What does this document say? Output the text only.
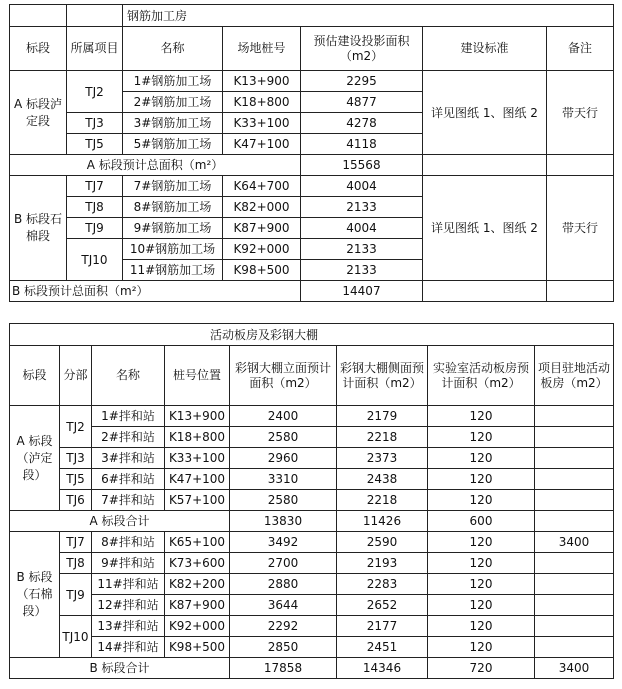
		钢筋加工房				
标段	所属项目	名称	场地桩号	预估建设投影面积（m2）	建设标准	备注
A 标段泸定段	TJ2	1#钢筋加工场	K13+900	2295	详见图纸 1、图纸 2	带天行
		2#钢筋加工场	K18+800	4877		
	TJ3	3#钢筋加工场	K33+100	4278		
	TJ5	5#钢筋加工场	K47+100	4118		
A 标段预计总面积（m²）				15568		
B 标段石棉段	TJ7	7#钢筋加工场	K64+700	4004	详见图纸 1、图纸 2	带天行
	TJ8	8#钢筋加工场	K82+000	2133		
	TJ9	9#钢筋加工场	K87+900	4004		
	TJ10	10#钢筋加工场	K92+000	2133		
		11#钢筋加工场	K98+500	2133		
B 标段预计总面积（m²）				14407		
活动板房及彩钢大棚							
标段	分部	名称	桩号位置	彩钢大棚立面预计面积（m2）	彩钢大棚侧面预计面积（m2）	实验室活动板房预计面积（m2）	项目驻地活动板房（m2）
A 标段（泸定段）	TJ2	1#拌和站	K13+900	2400	2179	120	
		2#拌和站	K18+800	2580	2218	120	
	TJ3	3#拌和站	K33+100	2960	2373	120	
	TJ5	6#拌和站	K47+100	3310	2438	120	
	TJ6	7#拌和站	K57+100	2580	2218	120	
A 标段合计				13830	11426	600	
B 标段（石棉段）	TJ7	8#拌和站	K65+100	3492	2590	120	3400
	TJ8	9#拌和站	K73+600	2700	2193	120	
	TJ9	11#拌和站	K82+200	2880	2283	120	
		12#拌和站	K87+900	3644	2652	120	
	TJ10	13#拌和站	K92+000	2292	2177	120	
		14#拌和站	K98+500	2850	2451	120	
B 标段合计				17858	14346	720	3400
